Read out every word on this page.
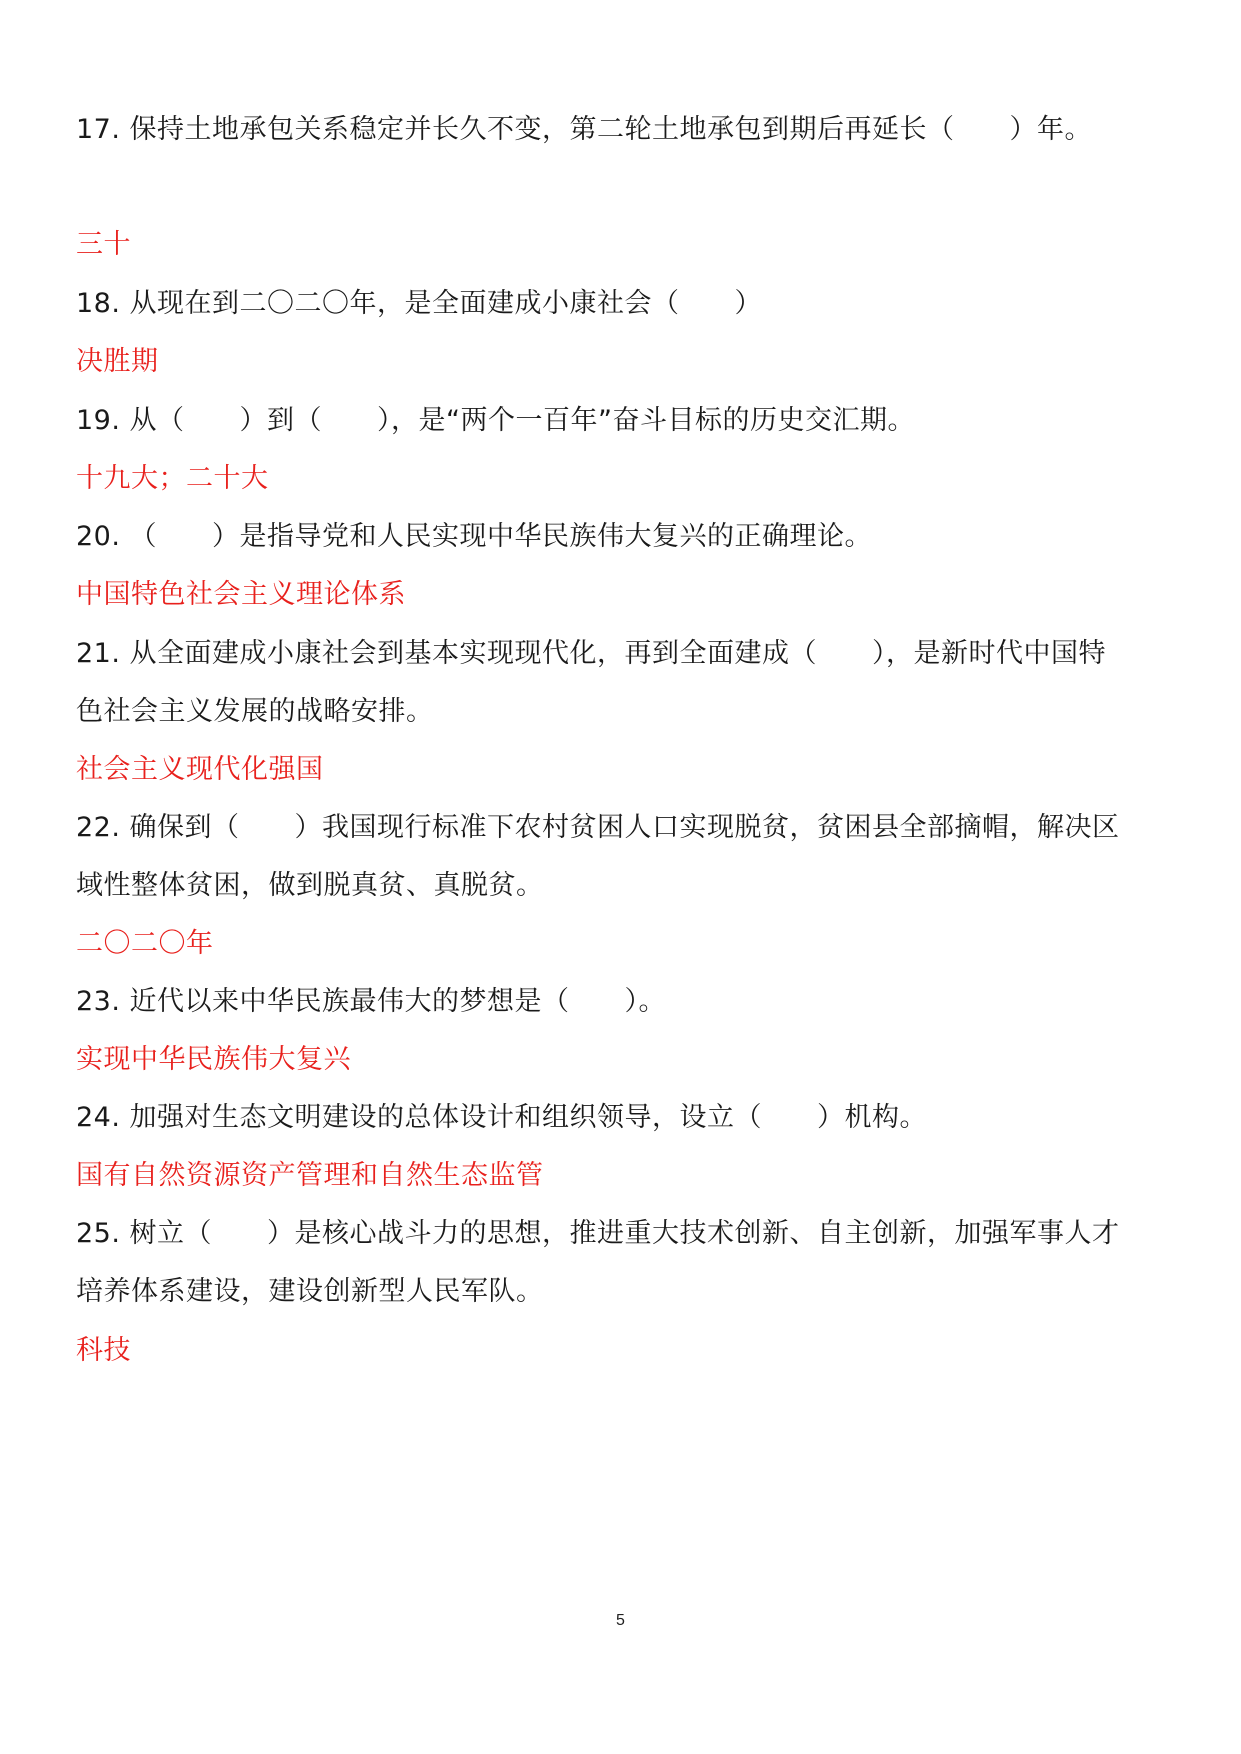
17. 保持土地承包关系稳定并长久不变，第二轮土地承包到期后再延长（　　）年。
三十
18. 从现在到二〇二〇年，是全面建成小康社会（　　）
决胜期
19. 从（　　）到（　　），是“两个一百年”奋斗目标的历史交汇期。
十九大；二十大
20. （　　）是指导党和人民实现中华民族伟大复兴的正确理论。
中国特色社会主义理论体系
21. 从全面建成小康社会到基本实现现代化，再到全面建成（　　），是新时代中国特
色社会主义发展的战略安排。
社会主义现代化强国
22. 确保到（　　）我国现行标准下农村贫困人口实现脱贫，贫困县全部摘帽，解决区
域性整体贫困，做到脱真贫、真脱贫。
二〇二〇年
23. 近代以来中华民族最伟大的梦想是（　　）。
实现中华民族伟大复兴
24. 加强对生态文明建设的总体设计和组织领导，设立（　　）机构。
国有自然资源资产管理和自然生态监管
25. 树立（　　）是核心战斗力的思想，推进重大技术创新、自主创新，加强军事人才
培养体系建设，建设创新型人民军队。
科技
5
